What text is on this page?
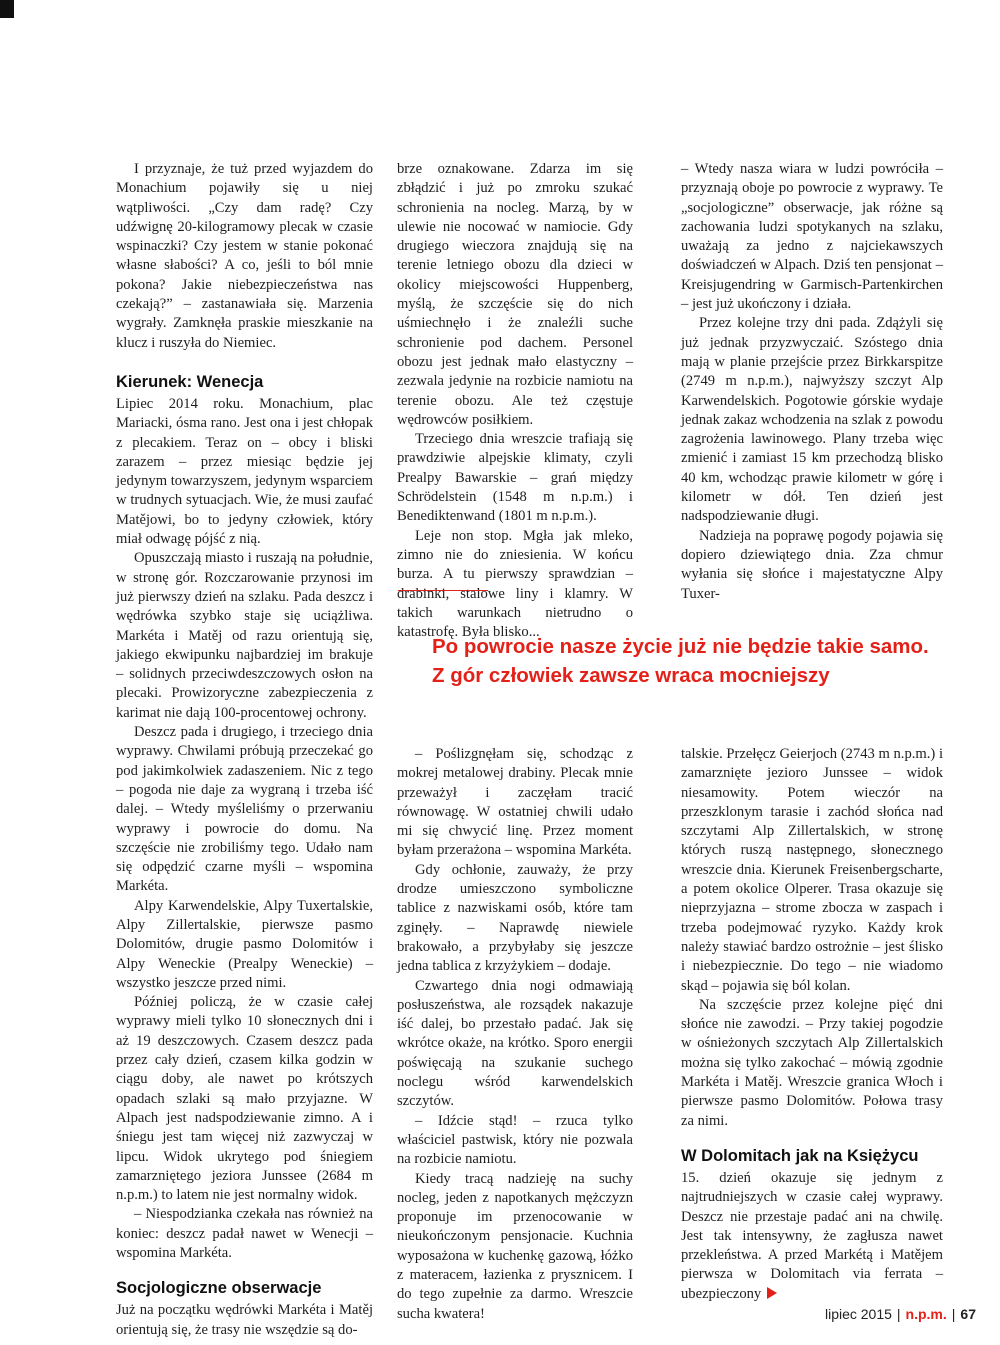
I przyznaje, że tuż przed wyjazdem do Monachium pojawiły się u niej wątpliwości. „Czy dam radę? Czy udźwignę 20-kilogramowy plecak w czasie wspinaczki? Czy jestem w stanie pokonać własne słabości? A co, jeśli to ból mnie pokona? Jakie niebezpieczeństwa nas czekają?” – zastanawiała się. Marzenia wygrały. Zamknęła praskie mieszkanie na klucz i ruszyła do Niemiec.

Kierunek: Wenecja

Lipiec 2014 roku. Monachium, plac Mariacki, ósma rano. Jest ona i jest chłopak z plecakiem. Teraz on – obcy i bliski zarazem – przez miesiąc będzie jej jedynym towarzyszem, jedynym wsparciem w trudnych sytuacjach. Wie, że musi zaufać Matějowi, bo to jedyny człowiek, który miał odwagę pójść z nią.

Opuszczają miasto i ruszają na południe, w stronę gór. Rozczarowanie przynosi im już pierwszy dzień na szlaku. Pada deszcz i wędrówka szybko staje się uciążliwa. Markéta i Matěj od razu orientują się, jakiego ekwipunku najbardziej im brakuje – solidnych przeciwdeszczowych osłon na plecaki. Prowizoryczne zabezpieczenia z karimat nie dają 100-procentowej ochrony.

Deszcz pada i drugiego, i trzeciego dnia wyprawy. Chwilami próbują przeczekać go pod jakimkolwiek zadaszeniem. Nic z tego – pogoda nie daje za wygraną i trzeba iść dalej. – Wtedy myśleliśmy o przerwaniu wyprawy i powrocie do domu. Na szczęście nie zrobiliśmy tego. Udało nam się odpędzić czarne myśli – wspomina Markéta.

Alpy Karwendelskie, Alpy Tuxertalskie, Alpy Zillertalskie, pierwsze pasmo Dolomitów, drugie pasmo Dolomitów i Alpy Weneckie (Prealpy Weneckie) – wszystko jeszcze przed nimi.

Później policzą, że w czasie całej wyprawy mieli tylko 10 słonecznych dni i aż 19 deszczowych. Czasem deszcz pada przez cały dzień, czasem kilka godzin w ciągu doby, ale nawet po krótszych opadach szlaki są mało przyjazne. W Alpach jest nadspodziewanie zimno. A i śniegu jest tam więcej niż zazwyczaj w lipcu. Widok ukrytego pod śniegiem zamarzniętego jeziora Junssee (2684 m n.p.m.) to latem nie jest normalny widok.

– Niespodzianka czekała nas również na koniec: deszcz padał nawet w Wenecji – wspomina Markéta.

Socjologiczne obserwacje

Już na początku wędrówki Markéta i Matěj orientują się, że trasy nie wszędzie są do-

brze oznakowane. Zdarza im się zbłądzić i już po zmroku szukać schronienia na nocleg. Marzą, by w ulewie nie nocować w namiocie. Gdy drugiego wieczora znajdują się na terenie letniego obozu dla dzieci w okolicy miejscowości Huppenberg, myślą, że szczęście się do nich uśmiechnęło i że znaleźli suche schronienie pod dachem. Personel obozu jest jednak mało elastyczny – zezwala jedynie na rozbicie namiotu na terenie obozu. Ale też częstuje wędrowców posiłkiem.

Trzeciego dnia wreszcie trafiają się prawdziwie alpejskie klimaty, czyli Prealpy Bawarskie – grań między Schrödelstein (1548 m n.p.m.) i Benediktenwand (1801 m n.p.m.).

Leje non stop. Mgła jak mleko, zimno nie do zniesienia. W końcu burza. A tu pierwszy sprawdzian – drabinki, stalowe liny i klamry. W takich warunkach nietrudno o katastrofę. Była blisko...

– Wtedy nasza wiara w ludzi powróciła – przyznają oboje po powrocie z wyprawy. Te „socjologiczne” obserwacje, jak różne są zachowania ludzi spotykanych na szlaku, uważają za jedno z najciekawszych doświadczeń w Alpach. Dziś ten pensjonat – Kreisjugendring w Garmisch-Partenkirchen – jest już ukończony i działa.

Przez kolejne trzy dni pada. Zdążyli się już jednak przyzwyczaić. Szóstego dnia mają w planie przejście przez Birkkarspitze (2749 m n.p.m.), najwyższy szczyt Alp Karwendelskich. Pogotowie górskie wydaje jednak zakaz wchodzenia na szlak z powodu zagrożenia lawinowego. Plany trzeba więc zmienić i zamiast 15 km przechodzą blisko 40 km, wchodząc prawie kilometr w górę i kilometr w dół. Ten dzień jest nadspodziewanie długi.

Nadzieja na poprawę pogody pojawia się dopiero dziewiątego dnia. Zza chmur wyłania się słońce i majestatyczne Alpy Tuxer-

Po powrocie nasze życie już nie będzie takie samo.
Z gór człowiek zawsze wraca mocniejszy

– Poślizgnęłam się, schodząc z mokrej metalowej drabiny. Plecak mnie przeważył i zaczęłam tracić równowagę. W ostatniej chwili udało mi się chwycić linę. Przez moment byłam przerażona – wspomina Markéta.

Gdy ochłonie, zauważy, że przy drodze umieszczono symboliczne tablice z nazwiskami osób, które tam zginęły. – Naprawdę niewiele brakowało, a przybyłaby się jeszcze jedna tablica z krzyżykiem – dodaje.

Czwartego dnia nogi odmawiają posłuszeństwa, ale rozsądek nakazuje iść dalej, bo przestało padać. Jak się wkrótce okaże, na krótko. Sporo energii poświęcają na szukanie suchego noclegu wśród karwendelskich szczytów.

– Idźcie stąd! – rzuca tylko właściciel pastwisk, który nie pozwala na rozbicie namiotu.

Kiedy tracą nadzieję na suchy nocleg, jeden z napotkanych mężczyzn proponuje im przenocowanie w nieukończonym pensjonacie. Kuchnia wyposażona w kuchenkę gazową, łóżko z materacem, łazienka z prysznicem. I do tego zupełnie za darmo. Wreszcie sucha kwatera!

talskie. Przełęcz Geierjoch (2743 m n.p.m.) i zamarznięte jezioro Junssee – widok niesamowity. Potem wieczór na przeszklonym tarasie i zachód słońca nad szczytami Alp Zillertalskich, w stronę których ruszą następnego, słonecznego wreszcie dnia. Kierunek Freisenbergscharte, a potem okolice Olperer. Trasa okazuje się nieprzyjazna – strome zbocza w zaspach i trzeba podejmować ryzyko. Każdy krok należy stawiać bardzo ostrożnie – jest ślisko i niebezpiecznie. Do tego – nie wiadomo skąd – pojawia się ból kolan.

Na szczęście przez kolejne pięć dni słońce nie zawodzi. – Przy takiej pogodzie w ośnieżonych szczytach Alp Zillertalskich można się tylko zakochać – mówią zgodnie Markéta i Matěj. Wreszcie granica Włoch i pierwsze pasmo Dolomitów. Połowa trasy za nimi.

W Dolomitach jak na Księżycu

15. dzień okazuje się jednym z najtrudniejszych w czasie całej wyprawy. Deszcz nie przestaje padać ani na chwilę. Jest tak intensywny, że zagłusza nawet przekleństwa. A przed Markétą i Matějem pierwsza w Dolomitach via ferrata – ubezpieczony

lipiec 2015 | n.p.m. | 67
